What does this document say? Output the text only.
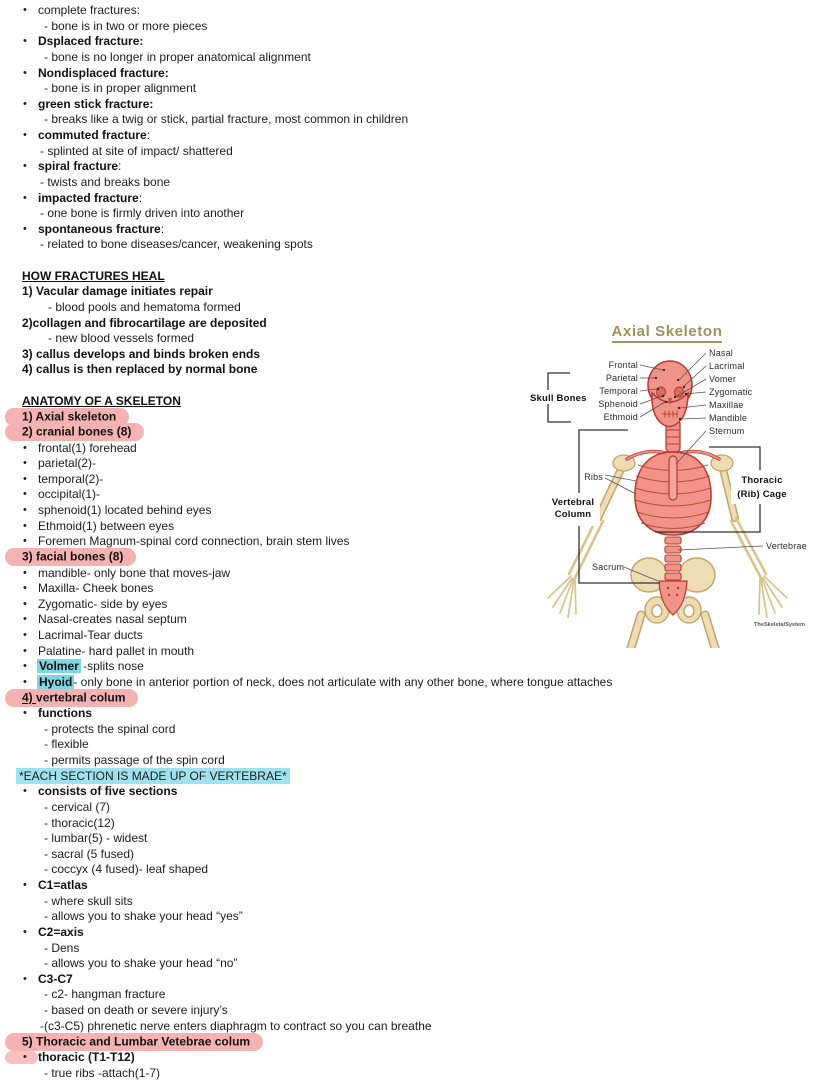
• complete fractures:
- bone is in two or more pieces
• Dsplaced fracture:
- bone is no longer in proper anatomical alignment
• Nondisplaced fracture:
- bone is in proper alignment
• green stick fracture:
- breaks like a twig or stick, partial fracture, most common in children
• commuted fracture:
- splinted at site of impact/ shattered
• spiral fracture:
- twists and breaks bone
• impacted fracture:
- one bone is firmly driven into another
• spontaneous fracture:
- related to bone diseases/cancer, weakening spots
HOW FRACTURES HEAL
1) Vacular damage initiates repair
- blood pools and hematoma formed
2)collagen and fibrocartilage are deposited
- new blood vessels formed
3) callus develops and binds broken ends
4) callus is then replaced by normal bone
ANATOMY OF A SKELETON
1) Axial skeleton
2) cranial bones (8)
• frontal(1) forehead
• parietal(2)-
• temporal(2)-
• occipital(1)-
• sphenoid(1) located behind eyes
• Ethmoid(1) between eyes
• Foremen Magnum-spinal cord connection, brain stem lives
3) facial bones (8)
• mandible- only bone that moves-jaw
• Maxilla- Cheek bones
• Zygomatic- side by eyes
• Nasal-creates nasal septum
• Lacrimal-Tear ducts
• Palatine- hard pallet in mouth
• Volmer -splits nose
• Hyoid- only bone in anterior portion of neck, does not articulate with any other bone, where tongue attaches
4) vertebral colum
• functions
- protects the spinal cord
- flexible
- permits passage of the spin cord
*EACH SECTION IS MADE UP OF VERTEBRAE*
• consists of five sections
- cervical (7)
- thoracic(12)
- lumbar(5) - widest
- sacral (5 fused)
- coccyx (4 fused)- leaf shaped
• C1=atlas
- where skull sits
- allows you to shake your head “yes”
• C2=axis
- Dens
- allows you to shake your head “no”
• C3-C7
- c2- hangman fracture
- based on death or severe injury’s
-(c3-C5) phrenetic nerve enters diaphragm to contract so you can breathe
5) Thoracic and Lumbar Vetebrae colum
• thoracic (T1-T12)
- true ribs -attach(1-7)
Axial Skeleton
Skull Bones
Frontal
Parietal
Temporal
Sphenoid
Ethmoid
Nasal
Lacrimal
Vomer
Zygomatic
Maxillae
Mandible
Sternum
Ribs
Vertebral
Column
Thoracic
(Rib) Cage
Vertebrae
Sacrum
TheSkeletalSystem
